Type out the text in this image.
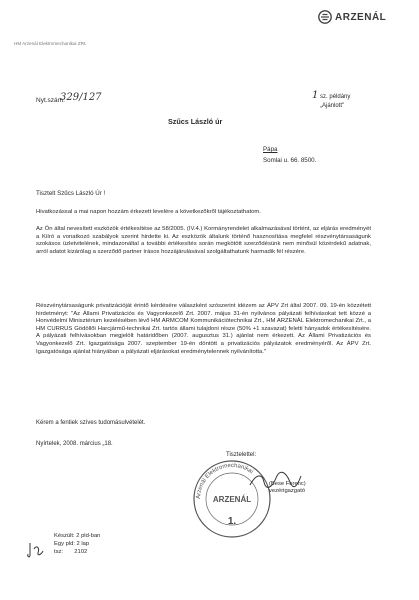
ARZENÁL
HM Arzenál Elektromechanikai ZRt.
Nyt.szám:
329/127	1 sz. példány
„Ajánlott"
Szűcs László úr
Pápa
Somlai u. 66. 8500.
Tisztelt Szűcs László Úr !
Hivatkozással a mai napon hozzám érkezett levelére a következőkről tájékoztathatom.
Az Ön által nevesített eszközök értékesítése az 58/2005. (IV.4.) Kormányrendelet alkalmazásával történt, az eljárás eredményét a Kiíró a vonatkozó szabályok szerint hirdette ki. Az eszközök általunk történő hasznosítása megfelel részvénytársaságunk szokásos üzletvitelének, mindazonáltal a további értékesítés során megkötött szerződésünk nem minősül közérdekű adatnak, arról adatot kizárólag a szerződő partner írásos hozzájárulásával szolgáltathatunk harmadik fél részére.
Részvénytársaságunk privatizációját érintő kérdésére válaszként szószerint idézem az ÁPV Zrt által 2007. 09. 19-én közzétett hirdetményt: "Az Állami Privatizációs és Vagyonkezelő Zrt. 2007. május 31-én nyilvános pályázati felhívásokat tett közzé a Honvédelmi Minisztérium kezelésében lévő HM ARMCOM Kommunikációtechnikai Zrt., HM ARZENÁL Elektromechanikai Zrt., a HM CURRUS Gödöllői Harcjármű-technikai Zrt. tartós állami tulajdoni része (50% +1 szavazat) feletti hányadok értékesítésére. A pályázati felhívásokban megjelölt határidőben (2007. augusztus 31.) ajánlat nem érkezett. Az Állami Privatizációs és Vagyonkezelő Zrt. Igazgatósága 2007. szeptember 19-én döntött a privatizációs pályázatok eredményéről. Az ÁPV Zrt. Igazgatósága ajánlat hiányában a pályázati eljárásokat eredménytelennek nyilvánította."
Kérem a fentiek szíves tudomásulvételét.
Nyírtelek, 2008. március „18.
Arzenál Elektromechanikai
ARZENÁL
1.
Tisztelettel:
(Bese Ferenc)
vezérigazgató
Készült: 2 pld-ban
Egy pld: 2 lap
tsz:       2102
